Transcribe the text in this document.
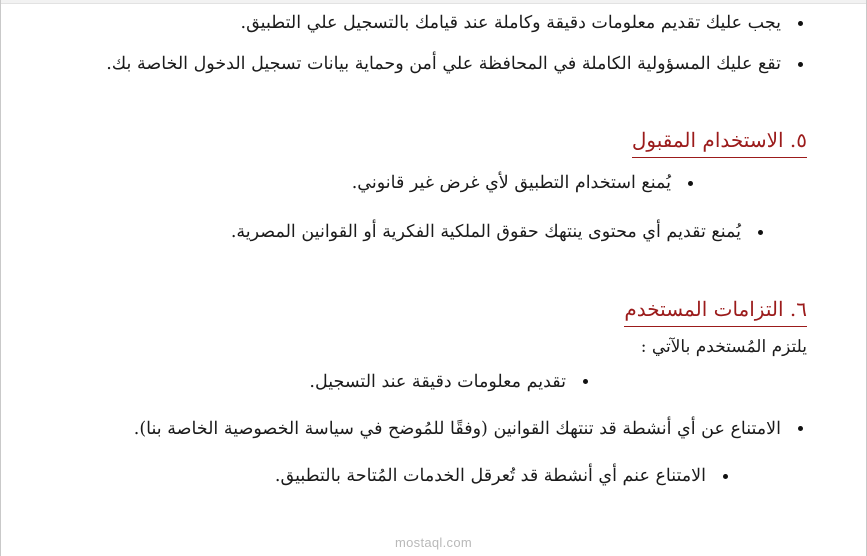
يجب عليك تقديم معلومات دقيقة وكاملة عند قيامك بالتسجيل علي التطبيق.
تقع عليك المسؤولية الكاملة في المحافظة علي أمن وحماية بيانات تسجيل الدخول الخاصة بك.
٥. الاستخدام المقبول
يُمنع استخدام التطبيق لأي غرض غير قانوني.
يُمنع تقديم أي محتوى ينتهك حقوق الملكية الفكرية أو القوانين المصرية.
٦. التزامات المستخدم

يلتزم المُستخدم بالآتي :

تقديم معلومات دقيقة عند التسجيل.
الامتناع عن أي أنشطة قد تنتهك القوانين (وفقًا للمُوضح في سياسة الخصوصية الخاصة بنا).
الامتناع عنم أي أنشطة قد تُعرقل الخدمات المُتاحة بالتطبيق.
mostaql.com
